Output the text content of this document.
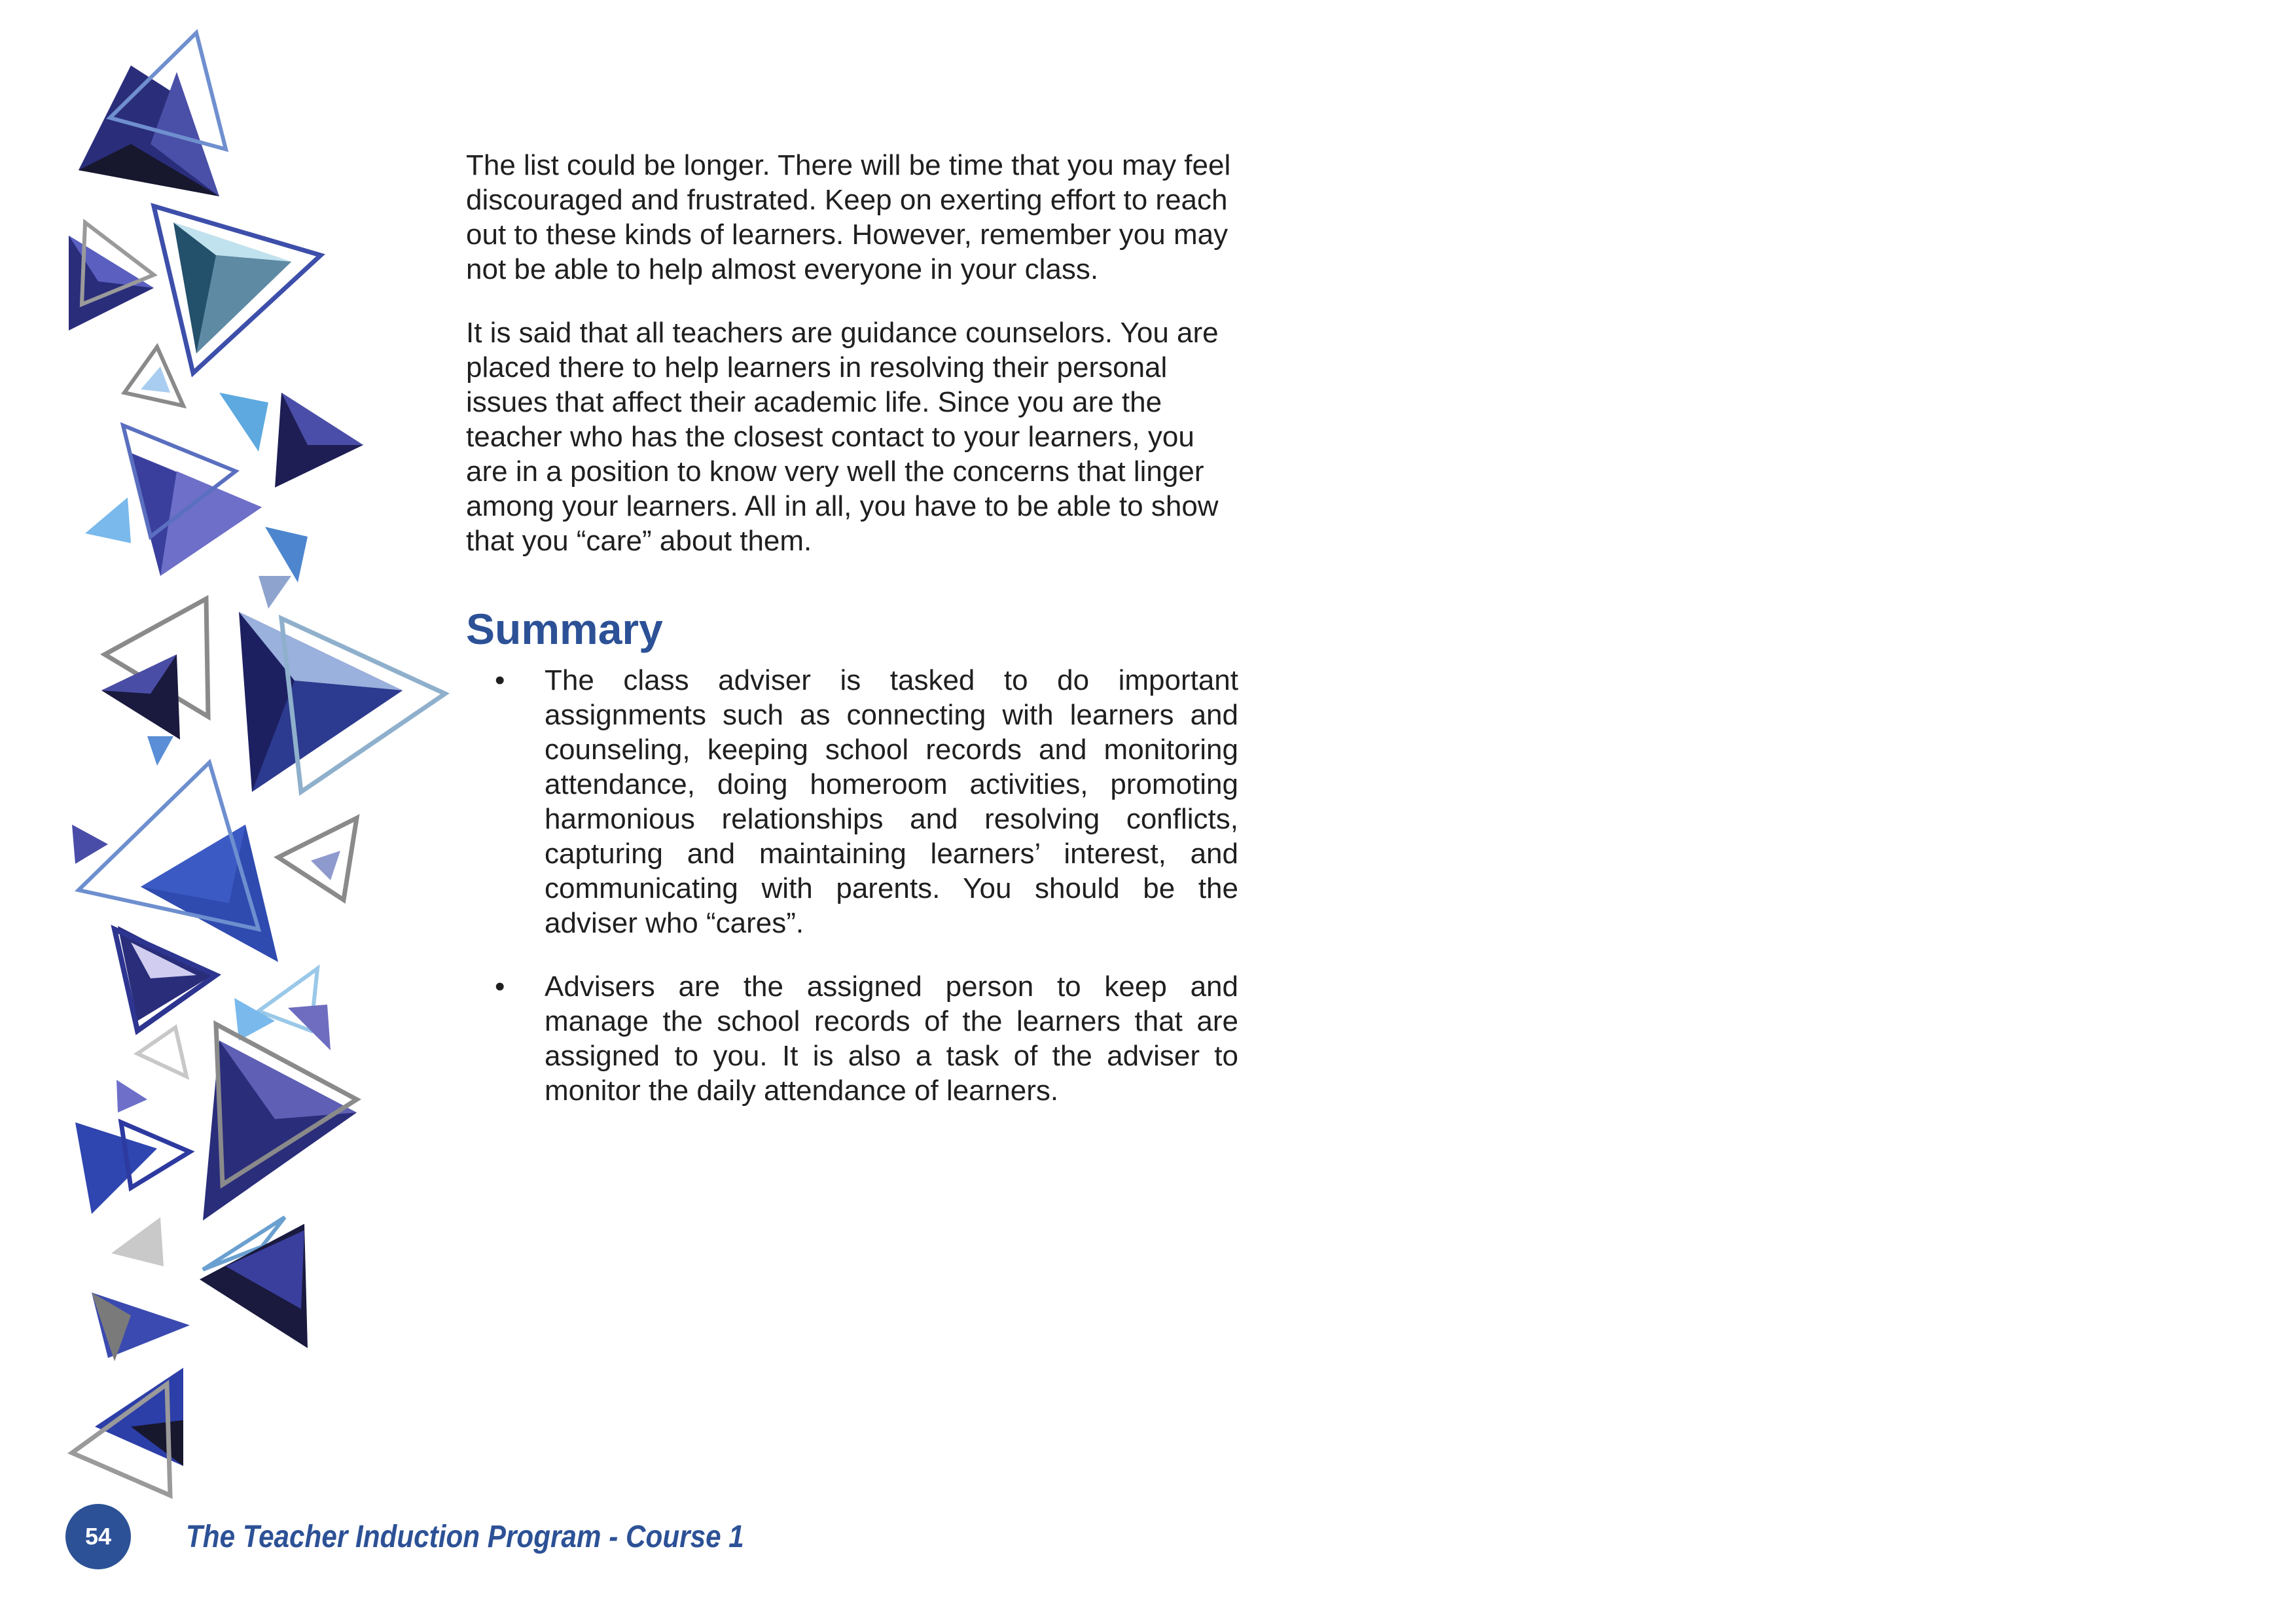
The list could be longer. There will be time that you may feel discouraged and frustrated. Keep on exerting effort to reach out to these kinds of learners. However, remember you may not be able to help almost everyone in your class.

It is said that all teachers are guidance counselors. You are placed there to help learners in resolving their personal issues that affect their academic life. Since you are the teacher who has the closest contact to your learners, you are in a position to know very well the concerns that linger among your learners. All in all, you have to be able to show that you “care” about them.

Summary
• The class adviser is tasked to do important assignments such as connecting with learners and counseling, keeping school records and monitoring attendance, doing homeroom activities, promoting harmonious relationships and resolving conflicts, capturing and maintaining learners’ interest, and communicating with parents. You should be the adviser who “cares”.
• Advisers are the assigned person to keep and manage the school records of the learners that are assigned to you. It is also a task of the adviser to monitor the daily attendance of learners.
54	The Teacher Induction Program - Course 1
